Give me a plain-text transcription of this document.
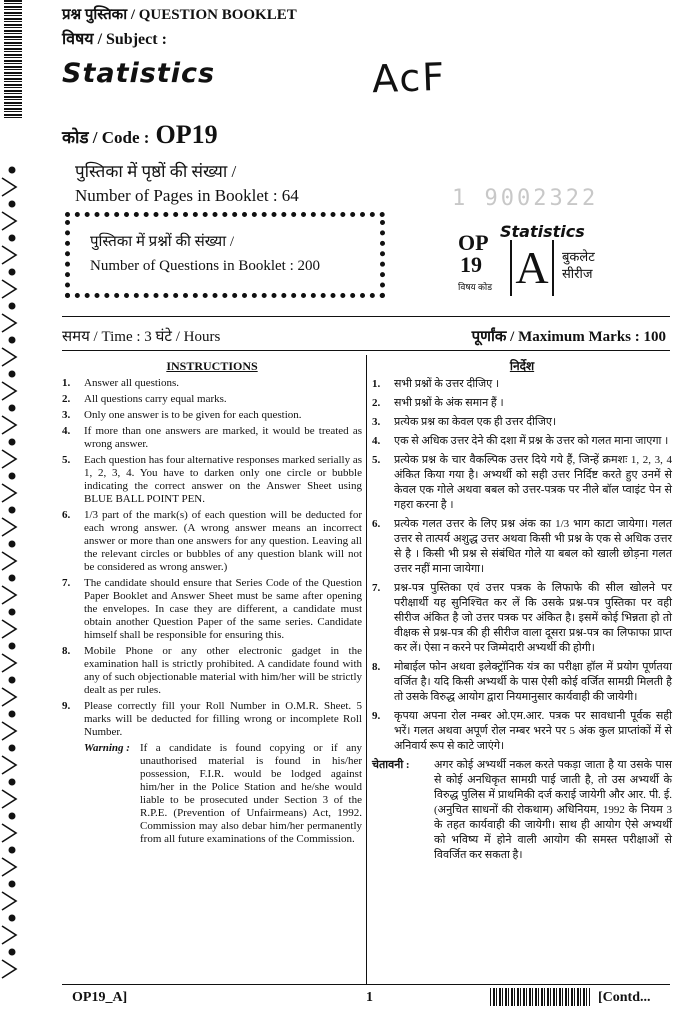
प्रश्न पुस्तिका / QUESTION BOOKLET
विषय / Subject :
Statistics	AcF
कोड / Code : OP19
पुस्तिका में पृष्ठों की संख्या /
Number of Pages in Booklet : 64
पुस्तिका में प्रश्नों की संख्या /
Number of Questions in Booklet : 200
1 9002322
OP
19
विषय कोड
Statistics
A	बुकलेट सीरीज
समय / Time : 3 घंटे / Hours	पूर्णांक / Maximum Marks : 100
INSTRUCTIONS
1. Answer all questions.
2. All questions carry equal marks.
3. Only one answer is to be given for each question.
4. If more than one answers are marked, it would be treated as wrong answer.
5. Each question has four alternative responses marked serially as 1, 2, 3, 4. You have to darken only one circle or bubble indicating the correct answer on the Answer Sheet using BLUE BALL POINT PEN.
6. 1/3 part of the mark(s) of each question will be deducted for each wrong answer. (A wrong answer means an incorrect answer or more than one answers for any question. Leaving all the relevant circles or bubbles of any question blank will not be considered as wrong answer.)
7. The candidate should ensure that Series Code of the Question Paper Booklet and Answer Sheet must be same after opening the envelopes. In case they are different, a candidate must obtain another Question Paper of the same series. Candidate himself shall be responsible for ensuring this.
8. Mobile Phone or any other electronic gadget in the examination hall is strictly prohibited. A candidate found with any of such objectionable material with him/her will be strictly dealt as per rules.
9. Please correctly fill your Roll Number in O.M.R. Sheet. 5 marks will be deducted for filling wrong or incomplete Roll Number.
Warning : If a candidate is found copying or if any unauthorised material is found in his/her possession, F.I.R. would be lodged against him/her in the Police Station and he/she would liable to be prosecuted under Section 3 of the R.P.E. (Prevention of Unfairmeans) Act, 1992. Commission may also debar him/her permanently from all future examinations of the Commission.
निर्देश
1. सभी प्रश्नों के उत्तर दीजिए ।
2. सभी प्रश्नों के अंक समान हैं ।
3. प्रत्येक प्रश्न का केवल एक ही उत्तर दीजिए।
4. एक से अधिक उत्तर देने की दशा में प्रश्न के उत्तर को गलत माना जाएगा ।
5. प्रत्येक प्रश्न के चार वैकल्पिक उत्तर दिये गये हैं, जिन्हें क्रमशः 1, 2, 3, 4 अंकित किया गया है। अभ्यर्थी को सही उत्तर निर्दिष्ट करते हुए उनमें से केवल एक गोले अथवा बबल को उत्तर-पत्रक पर नीले बॉल प्वाइंट पेन से गहरा करना है ।
6. प्रत्येक गलत उत्तर के लिए प्रश्न अंक का 1/3 भाग काटा जायेगा। गलत उत्तर से तात्पर्य अशुद्ध उत्तर अथवा किसी भी प्रश्न के एक से अधिक उत्तर से है । किसी भी प्रश्न से संबंधित गोले या बबल को खाली छोड़ना गलत उत्तर नहीं माना जायेगा।
7. प्रश्न-पत्र पुस्तिका एवं उत्तर पत्रक के लिफाफे की सील खोलने पर परीक्षार्थी यह सुनिश्चित कर लें कि उसके प्रश्न-पत्र पुस्तिका पर वही सीरीज अंकित है जो उत्तर पत्रक पर अंकित है। इसमें कोई भिन्नता हो तो वीक्षक से प्रश्न-पत्र की ही सीरीज वाला दूसरा प्रश्न-पत्र का लिफाफा प्राप्त कर लें। ऐसा न करने पर जिम्मेदारी अभ्यर्थी की होगी।
8. मोबाईल फोन अथवा इलेक्ट्रॉनिक यंत्र का परीक्षा हॉल में प्रयोग पूर्णतया वर्जित है। यदि किसी अभ्यर्थी के पास ऐसी कोई वर्जित सामग्री मिलती है तो उसके विरुद्ध आयोग द्वारा नियमानुसार कार्यवाही की जायेगी।
9. कृपया अपना रोल नम्बर ओ.एम.आर. पत्रक पर सावधानी पूर्वक सही भरें। गलत अथवा अपूर्ण रोल नम्बर भरने पर 5 अंक कुल प्राप्तांकों में से अनिवार्य रूप से काटे जाएंगे।
चेतावनी : अगर कोई अभ्यर्थी नकल करते पकड़ा जाता है या उसके पास से कोई अनधिकृत सामग्री पाई जाती है, तो उस अभ्यर्थी के विरुद्ध पुलिस में प्राथमिकी दर्ज कराई जायेगी और आर. पी. ई. (अनुचित साधनों की रोकथाम) अधिनियम, 1992 के नियम 3 के तहत कार्यवाही की जायेगी। साथ ही आयोग ऐसे अभ्यर्थी को भविष्य में होने वाली आयोग की समस्त परीक्षाओं से विवर्जित कर सकता है।
OP19_A]	1	[Contd...
